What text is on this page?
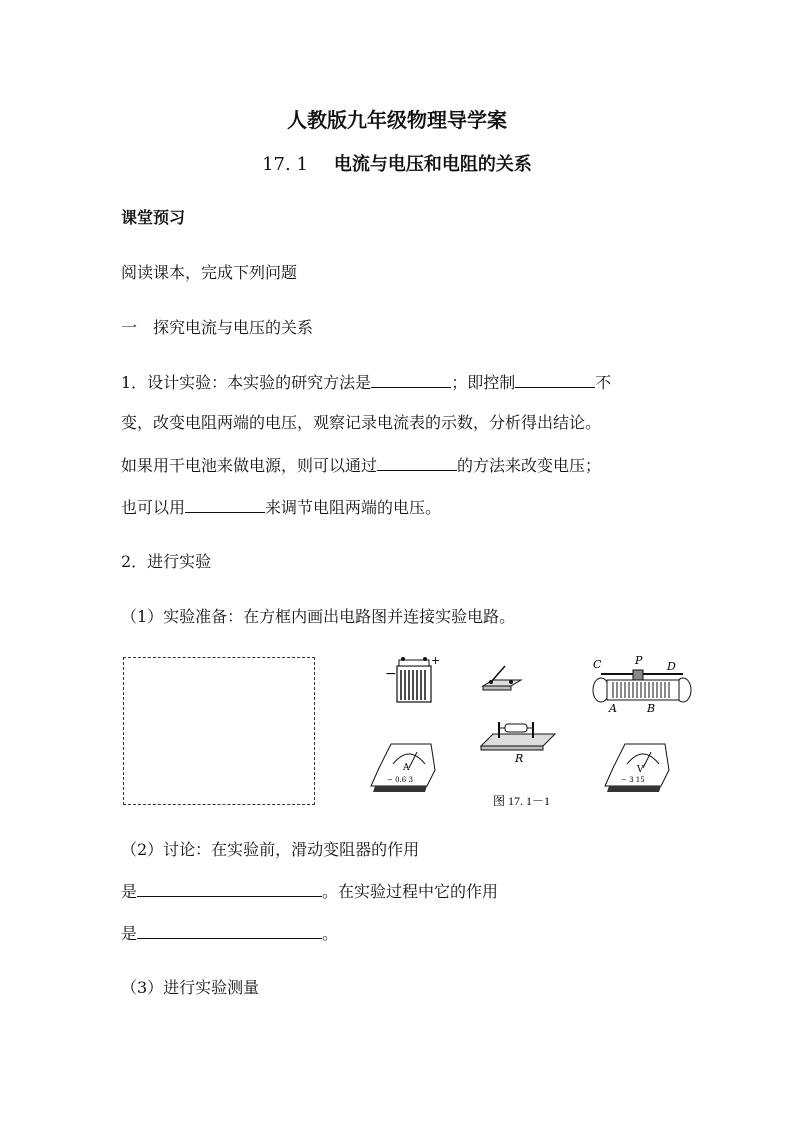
人教版九年级物理导学案
17. 1 电流与电压和电阻的关系
课堂预习
阅读课本，完成下列问题
一　探究电流与电压的关系
1．设计实验：本实验的研究方法是	；即控制	不
变，改变电阻两端的电压，观察记录电流表的示数，分析得出结论。
如果用干电池来做电源，则可以通过	的方法来改变电压；
也可以用	来调节电阻两端的电压。
2．进行实验
（1）实验准备：在方框内画出电路图并连接实验电路。
−
+	C	P D
A	B
R
A
− 0.6 3
V
− 3 15
图 17. 1－1
（2）讨论：在实验前，滑动变阻器的作用
是	。在实验过程中它的作用
是	。
（3）进行实验测量
